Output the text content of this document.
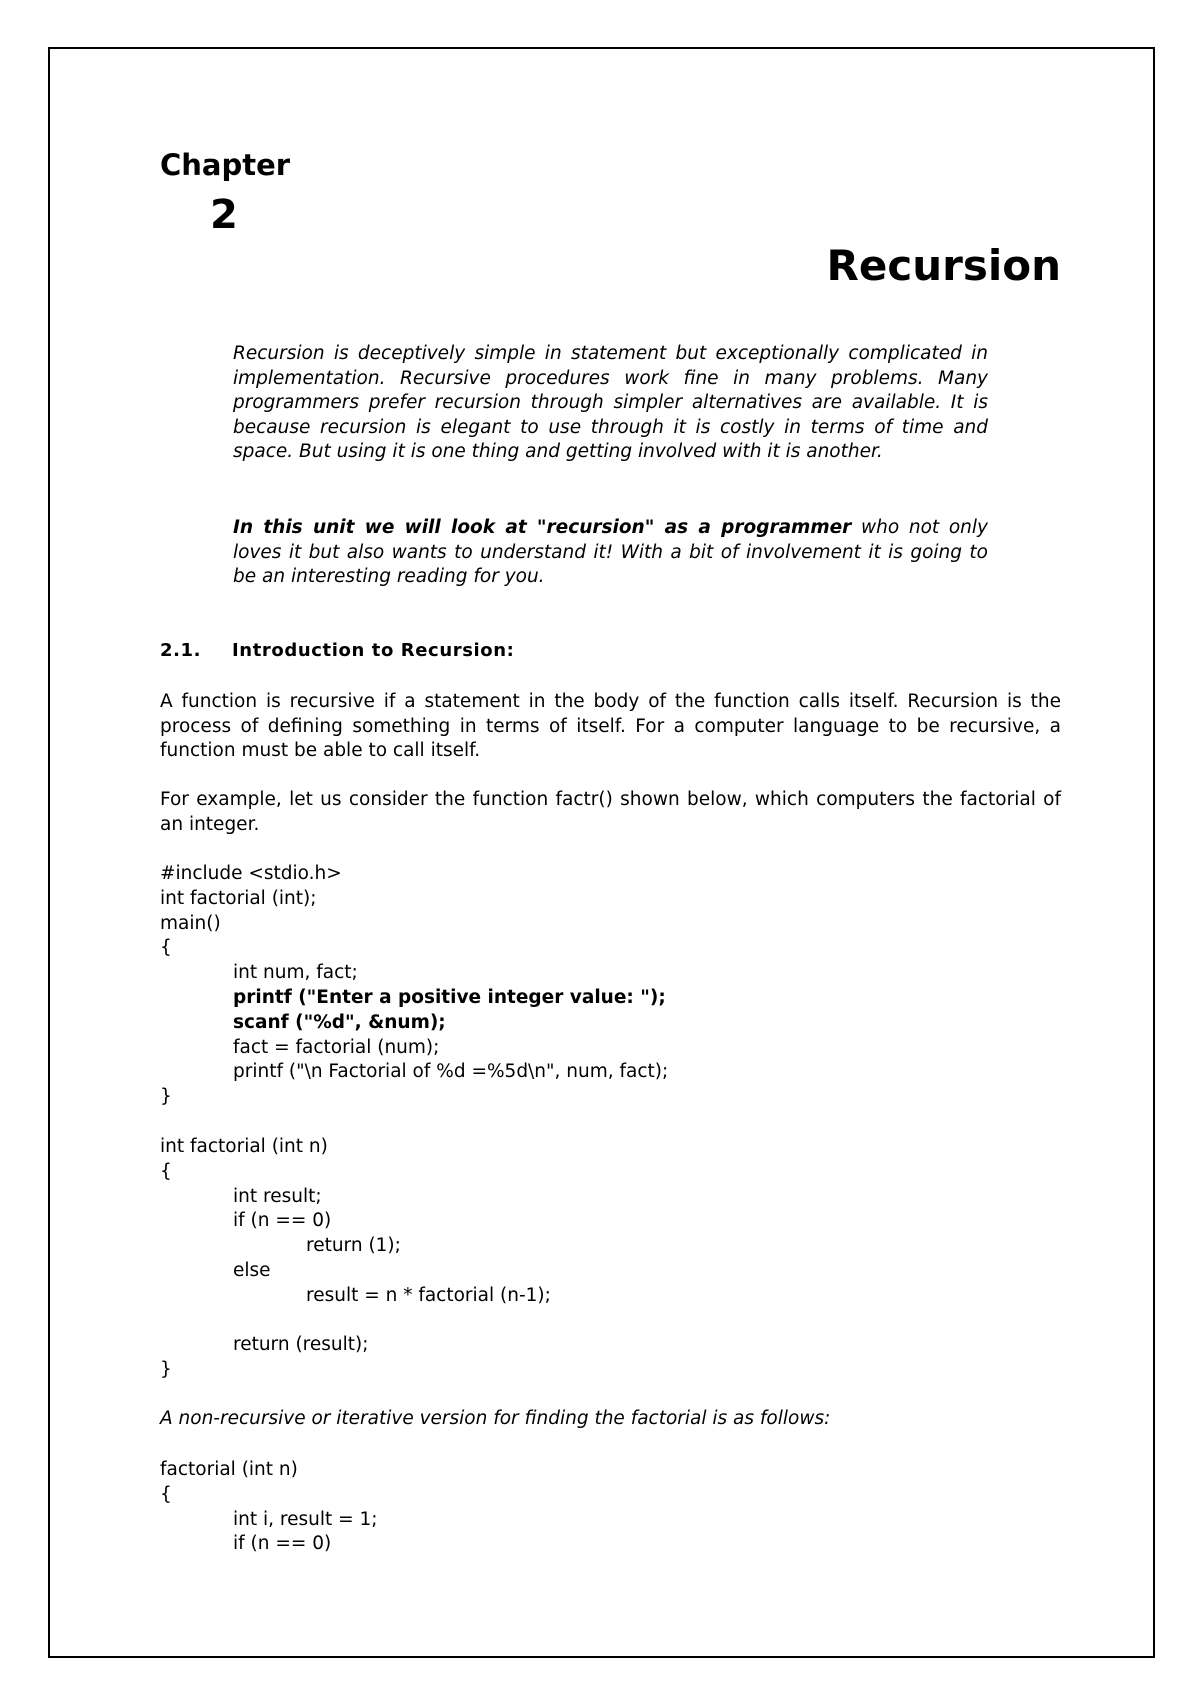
Chapter
2
Recursion

Recursion is deceptively simple in statement but exceptionally complicated in implementation. Recursive procedures work fine in many problems. Many programmers prefer recursion through simpler alternatives are available. It is because recursion is elegant to use through it is costly in terms of time and space. But using it is one thing and getting involved with it is another.

In this unit we will look at "recursion" as a programmer who not only loves it but also wants to understand it! With a bit of involvement it is going to be an interesting reading for you.

2.1. Introduction to Recursion:

A function is recursive if a statement in the body of the function calls itself. Recursion is the process of defining something in terms of itself. For a computer language to be recursive, a function must be able to call itself.

For example, let us consider the function factr() shown below, which computers the factorial of an integer.

#include <stdio.h>
int factorial (int);
main()
{
int num, fact;
printf ("Enter a positive integer value: ");
scanf ("%d", &num);
fact = factorial (num);
printf ("\n Factorial of %d =%5d\n", num, fact);
}
int factorial (int n)
{
int result;
if (n == 0)
return (1);
else
result = n * factorial (n-1);
return (result);
}

A non-recursive or iterative version for finding the factorial is as follows:

factorial (int n)
{
int i, result = 1;
if (n == 0)
